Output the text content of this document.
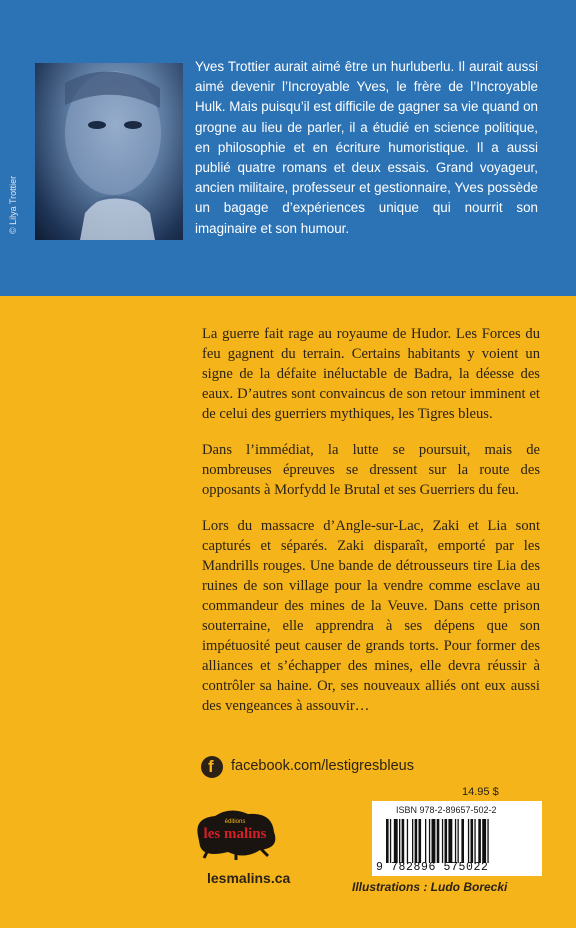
© Lilya Trottier

Yves Trottier aurait aimé être un hurluberlu. Il aurait aussi aimé devenir l’Incroyable Yves, le frère de l’Incroyable Hulk. Mais puisqu’il est difficile de gagner sa vie quand on grogne au lieu de parler, il a étudié en science politique, en philosophie et en écriture humoristique. Il a aussi publié quatre romans et deux essais. Grand voyageur, ancien militaire, professeur et gestionnaire, Yves possède un bagage d’expériences unique qui nourrit son imaginaire et son humour.

La guerre fait rage au royaume de Hudor. Les Forces du feu gagnent du terrain. Certains habitants y voient un signe de la défaite inéluctable de Badra, la déesse des eaux. D’autres sont convaincus de son retour imminent et de celui des guerriers mythiques, les Tigres bleus.

Dans l’immédiat, la lutte se poursuit, mais de nombreuses épreuves se dressent sur la route des opposants à Morfydd le Brutal et ses Guerriers du feu.

Lors du massacre d’Angle-sur-Lac, Zaki et Lia sont capturés et séparés. Zaki disparaît, emporté par les Mandrills rouges. Une bande de détrousseurs tire Lia des ruines de son village pour la vendre comme esclave au commandeur des mines de la Veuve. Dans cette prison souterraine, elle apprendra à ses dépens que son impétuosité peut causer de grands torts. Pour former des alliances et s’échapper des mines, elle devra réussir à contrôler sa haine. Or, ses nouveaux alliés ont eux aussi des vengeances à assouvir…

f facebook.com/lestigresbleus
14.95 $
éditions
les malins
lesmalins.ca
ISBN 978-2-89657-502-2
9 782896 575022
Illustrations : Ludo Borecki
